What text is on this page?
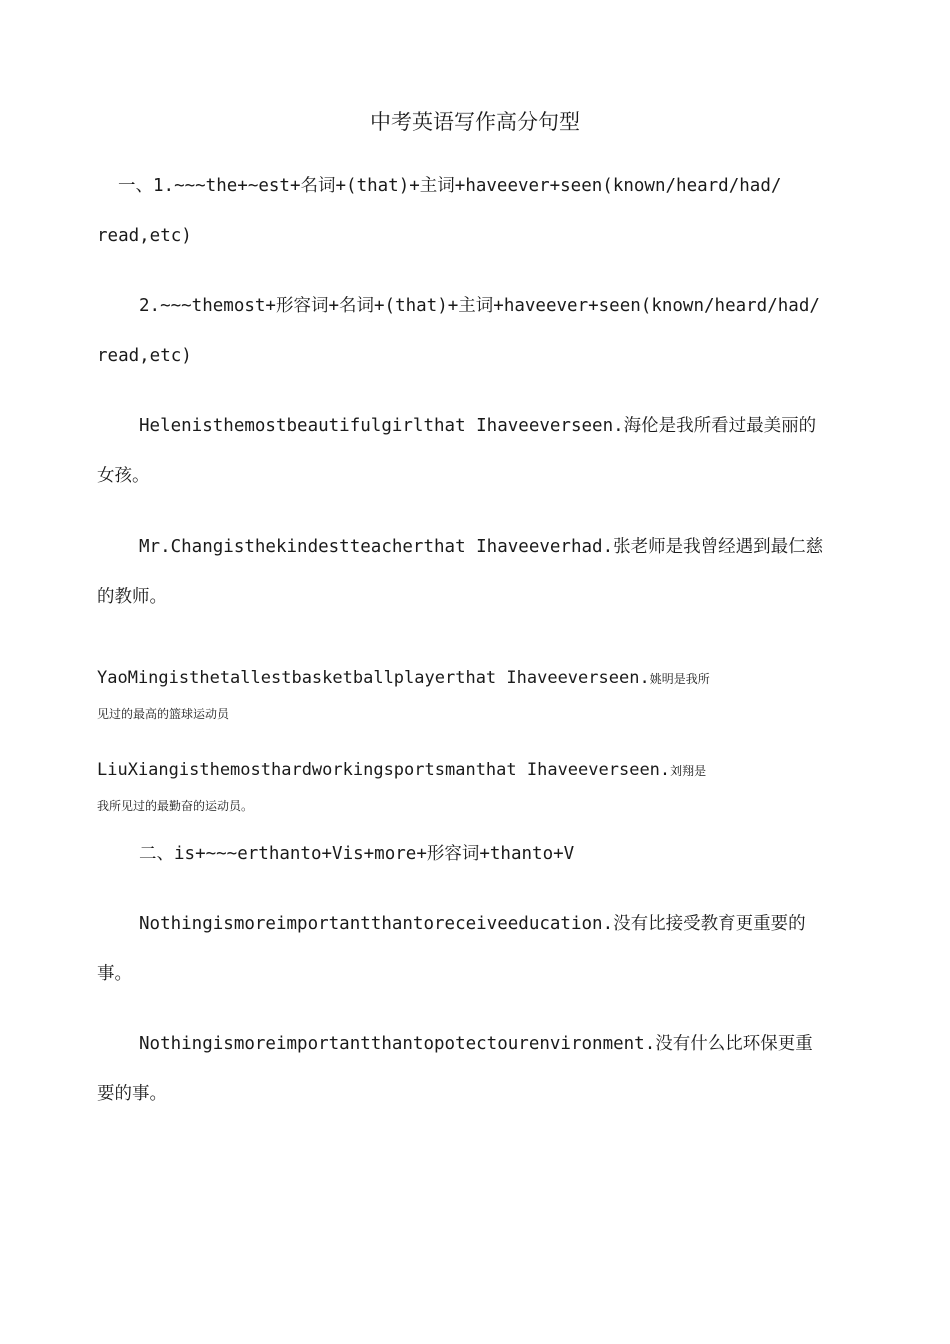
中考英语写作高分句型
一、1.~~~the+~est+名词+(that)+主词+haveever+seen(known/heard/had/
read,etc)
2.~~~themost+形容词+名词+(that)+主词+haveever+seen(known/heard/had/
read,etc)
Helenisthemostbeautifulgirlthat Ihaveeverseen.海伦是我所看过最美丽的
女孩。
Mr.Changisthekindestteacherthat Ihaveeverhad.张老师是我曾经遇到最仁慈
的教师。
YaoMingisthetallestbasketballplayerthat Ihaveeverseen.姚明是我所
见过的最高的篮球运动员
LiuXiangisthemosthardworkingsportsmanthat Ihaveeverseen.刘翔是
我所见过的最勤奋的运动员。
二、is+~~~erthanto+Vis+more+形容词+thanto+V
Nothingismoreimportantthantoreceiveeducation.没有比接受教育更重要的
事。
Nothingismoreimportantthantopotectourenvironment.没有什么比环保更重
要的事。
